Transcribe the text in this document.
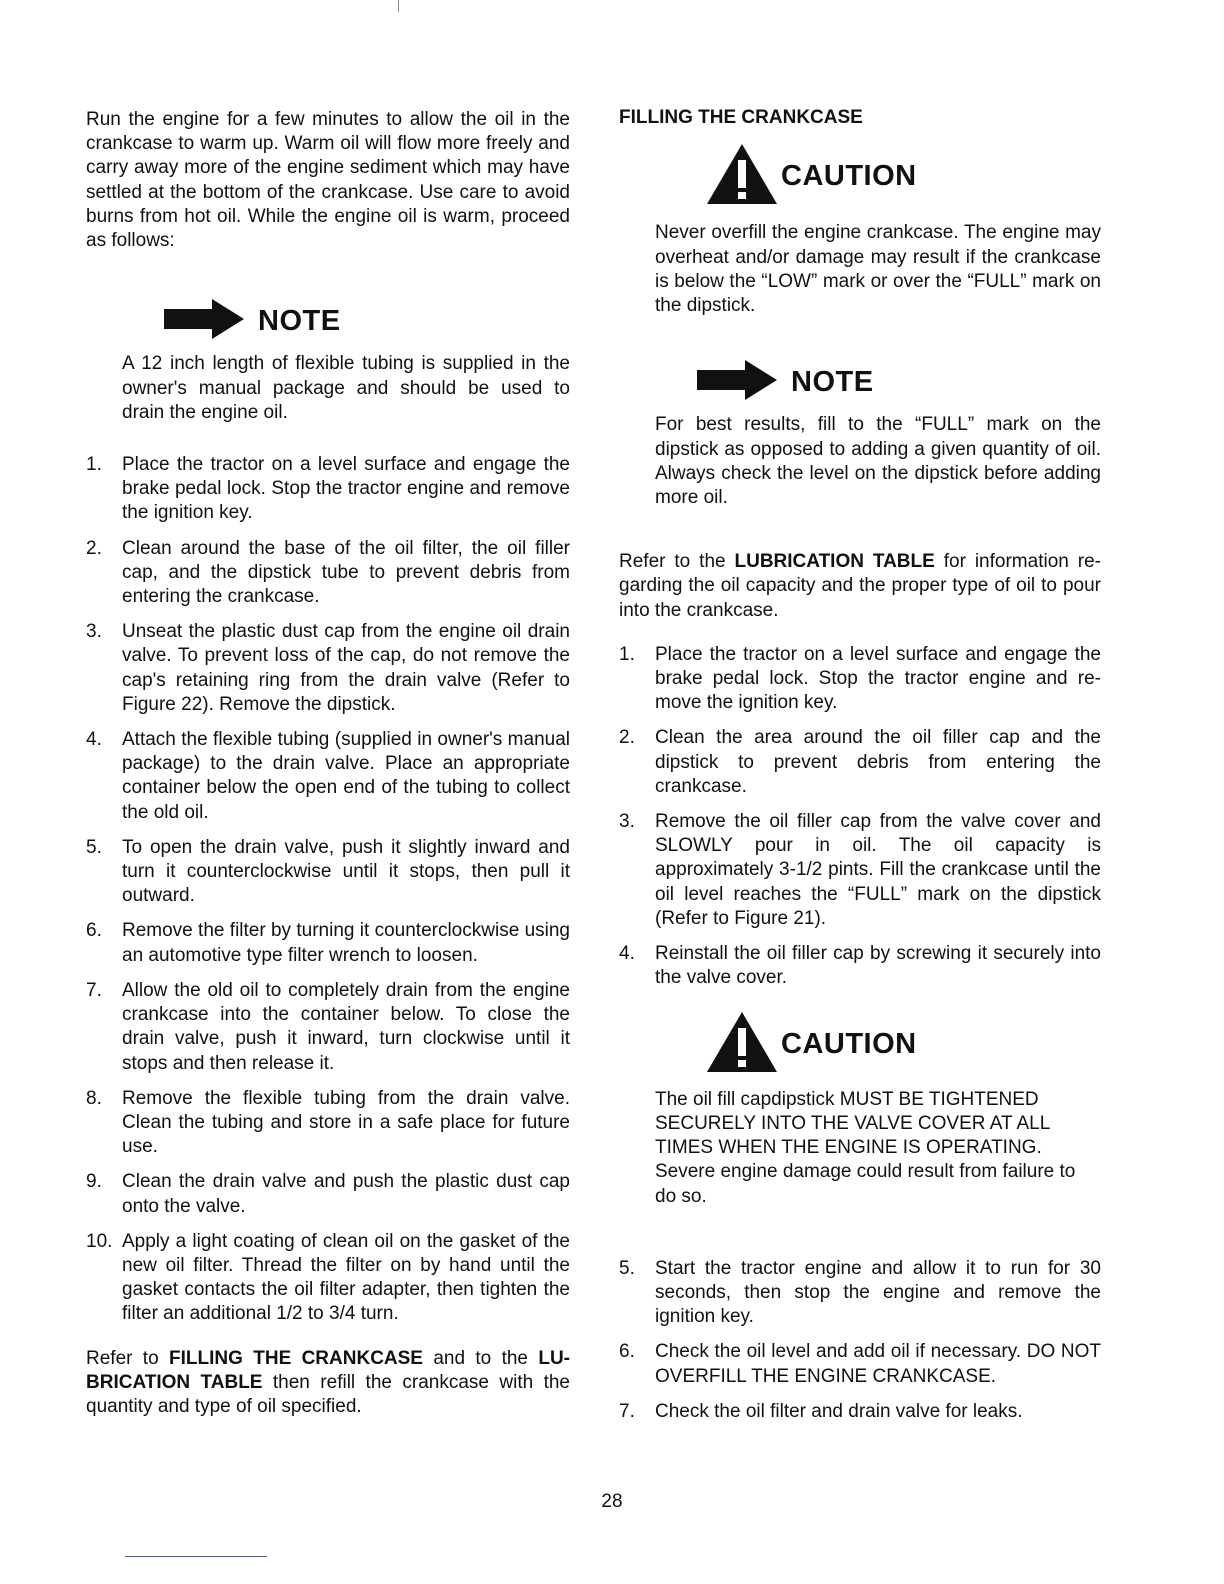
Run the engine for a few minutes to allow the oil in the crankcase to warm up. Warm oil will flow more freely and carry away more of the engine sediment which may have settled at the bottom of the crankcase. Use care to avoid burns from hot oil. While the engine oil is warm, proceed as follows:

NOTE

A 12 inch length of flexible tubing is supplied in the owner's manual package and should be used to drain the engine oil.

1. Place the tractor on a level surface and engage the brake pedal lock. Stop the tractor engine and remove the ignition key.
2. Clean around the base of the oil filter, the oil filler cap, and the dipstick tube to prevent debris from entering the crankcase.
3. Unseat the plastic dust cap from the engine oil drain valve. To prevent loss of the cap, do not remove the cap's retaining ring from the drain valve (Refer to Figure 22). Remove the dipstick.
4. Attach the flexible tubing (supplied in owner's manual package) to the drain valve. Place an appropriate container below the open end of the tubing to collect the old oil.
5. To open the drain valve, push it slightly inward and turn it counterclockwise until it stops, then pull it outward.
6. Remove the filter by turning it counterclockwise using an automotive type filter wrench to loosen.
7. Allow the old oil to completely drain from the engine crankcase into the container below. To close the drain valve, push it inward, turn clockwise until it stops and then release it.
8. Remove the flexible tubing from the drain valve. Clean the tubing and store in a safe place for future use.
9. Clean the drain valve and push the plastic dust cap onto the valve.
10. Apply a light coating of clean oil on the gasket of the new oil filter. Thread the filter on by hand until the gasket contacts the oil filter adapter, then tighten the filter an additional 1/2 to 3/4 turn.

Refer to FILLING THE CRANKCASE and to the LUBRICATION TABLE then refill the crankcase with the quantity and type of oil specified.

FILLING THE CRANKCASE
CAUTION

Never overfill the engine crankcase. The engine may overheat and/or damage may result if the crankcase is below the “LOW” mark or over the “FULL” mark on the dipstick.

NOTE

For best results, fill to the “FULL” mark on the dipstick as opposed to adding a given quantity of oil. Always check the level on the dipstick before adding more oil.

Refer to the LUBRICATION TABLE for information regarding the oil capacity and the proper type of oil to pour into the crankcase.

1. Place the tractor on a level surface and engage the brake pedal lock. Stop the tractor engine and remove the ignition key.
2. Clean the area around the oil filler cap and the dipstick to prevent debris from entering the crankcase.
3. Remove the oil filler cap from the valve cover and SLOWLY pour in oil. The oil capacity is approximately 3-1/2 pints. Fill the crankcase until the oil level reaches the “FULL” mark on the dipstick (Refer to Figure 21).
4. Reinstall the oil filler cap by screwing it securely into the valve cover.
CAUTION

The oil fill capdipstick MUST BE TIGHTENED SECURELY INTO THE VALVE COVER AT ALL TIMES WHEN THE ENGINE IS OPERATING.

Severe engine damage could result from failure to do so.

5. Start the tractor engine and allow it to run for 30 seconds, then stop the engine and remove the ignition key.
6. Check the oil level and add oil if necessary. DO NOT OVERFILL THE ENGINE CRANKCASE.
7. Check the oil filter and drain valve for leaks.
28
